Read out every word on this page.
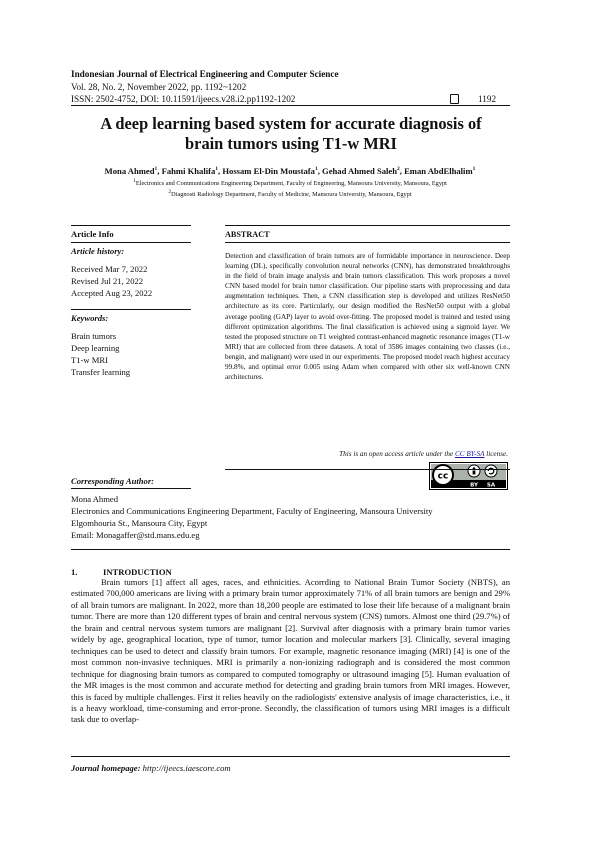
Indonesian Journal of Electrical Engineering and Computer Science
Vol. 28, No. 2, November 2022, pp. 1192~1202
ISSN: 2502-4752, DOI: 10.11591/ijeecs.v28.i2.pp1192-1202	1192
A deep learning based system for accurate diagnosis of
brain tumors using T1-w MRI
Mona Ahmed$^1$, Fahmi Khalifa$^1$, Hossam El-Din Moustafa$^1$, Gehad Ahmed Saleh$^2$, Eman AbdElhalim$^1$
$^1$Electronics and Communications Engineering Department, Faculty of Engineering, Mansoura University, Mansoura, Egypt
$^2$Diagnosti Radiology Department, Faculty of Medicine, Mansoura University, Mansoura, Egypt
Article Info
Article history:
Received Mar 7, 2022
Revised Jul 21, 2022
Accepted Aug 23, 2022
Keywords:
Brain tumors
Deep learning
T1-w MRI
Transfer learning
ABSTRACT
Detection and classification of brain tumors are of formidable importance in neuroscience. Deep learning (DL), specifically convolution neural networks (CNN), has demonstrated breakthroughs in the field of brain image analysis and brain tumors classification. This work proposes a novel CNN based model for brain tumor classification. Our pipeline starts with preprocessing and data augmentation techniques. Then, a CNN classification step is developed and utilizes ResNet50 architecture as its core. Particularly, our design modified the ResNet50 output with a global average pooling (GAP) layer to avoid over-fitting. The proposed model is trained and tested using different optimization algorithms. The final classification is achieved using a sigmoid layer. We tested the proposed structure on T1 weighted contrast-enhanced magnetic resonance images (T1-w MRI) that are collected from three datasets. A total of 3586 images containing two classes (i.e., bengin, and malignant) were used in our experiments. The proposed model reach highest accuracy 99.8%, and optimal error 0.005 using Adam when compared with other six well-known CNN architectures.
This is an open access article under the CC BY-SA license.
cc
BY SA
Corresponding Author:
Mona Ahmed
Electronics and Communications Engineering Department, Faculty of Engineering, Mansoura University
Elgomhouria St., Mansoura City, Egypt
Email: Monagaffer@std.mans.edu.eg
1.	INTRODUCTION

Brain tumors [1] affect all ages, races, and ethnicities. Acorrding to National Brain Tumor Society (NBTS), an estimated 700,000 americans are living with a primary brain tumor approximately 71% of all brain tumors are benign and 29% of all brain tumors are malignant. In 2022, more than 18,200 people are estimated to lose their life because of a malignant brain tumor. There are more than 120 different types of brain and central nervous system (CNS) tumors. Almost one third (29.7%) of the brain and central nervous system tumors are malignant [2]. Survival after diagnosis with a primary brain tumor varies widely by age, geographical location, type of tumor, tumor location and molecular markers [3]. Clinically, several imaging techniques can be used to detect and classify brain tumors. For example, magnetic resonance imaging (MRI) [4] is one of the most common non-invasive techniques. MRI is primarily a non-ionizing radiograph and is considered the most common technique for diagnosing brain tumors as compared to computed tomography or ultrasound imaging [5]. Human evaluation of the MR images is the most common and accurate method for detecting and grading brain tumors from MRI images. However, this is faced by multiple challenges. First it relies heavily on the radiologists' extensive analysis of image characteristics, i.e., it is a heavy workload, time-consuming and error-prone. Secondly, the classification of tumors using MRI images is a difficult task due to overlap-

Journal homepage: http://ijeecs.iaescore.com
